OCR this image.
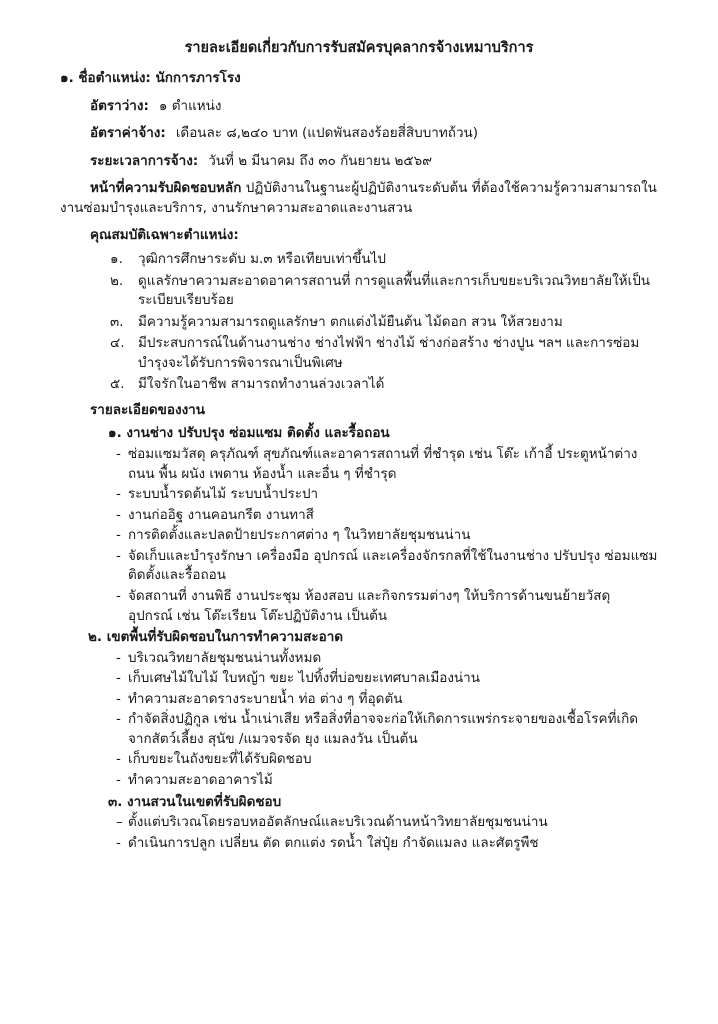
รายละเอียดเกี่ยวกับการรับสมัครบุคลากรจ้างเหมาบริการ
๑. ชื่อตำแหน่ง: นักการภารโรง
อัตราว่าง: ๑ ตำแหน่ง
อัตราค่าจ้าง: เดือนละ ๘,๒๔๐ บาท (แปดพันสองร้อยสี่สิบบาทถ้วน)
ระยะเวลาการจ้าง: วันที่ ๒ มีนาคม ถึง ๓๐ กันยายน ๒๕๖๙
หน้าที่ความรับผิดชอบหลัก ปฏิบัติงานในฐานะผู้ปฏิบัติงานระดับต้น ที่ต้องใช้ความรู้ความสามารถในงานซ่อมบำรุงและบริการ, งานรักษาความสะอาดและงานสวน
คุณสมบัติเฉพาะตำแหน่ง:
๑. วุฒิการศึกษาระดับ ม.๓ หรือเทียบเท่าขึ้นไป
๒. ดูแลรักษาความสะอาดอาคารสถานที่ การดูแลพื้นที่และการเก็บขยะบริเวณวิทยาลัยให้เป็นระเบียบเรียบร้อย
๓. มีความรู้ความสามารถดูแลรักษา ตกแต่งไม้ยืนต้น ไม้ดอก สวน ให้สวยงาม
๔. มีประสบการณ์ในด้านงานช่าง ช่างไฟฟ้า ช่างไม้ ช่างก่อสร้าง ช่างปูน ฯลฯ และการซ่อมบำรุงจะได้รับการพิจารณาเป็นพิเศษ
๕. มีใจรักในอาชีพ สามารถทำงานล่วงเวลาได้
รายละเอียดของงาน
๑. งานช่าง ปรับปรุง ซ่อมแซม ติดตั้ง และรื้อถอน
- ซ่อมแซมวัสดุ ครุภัณฑ์ สุขภัณฑ์และอาคารสถานที่ ที่ชำรุด เช่น โต๊ะ เก้าอี้ ประตูหน้าต่าง ถนน พื้น ผนัง เพดาน ห้องน้ำ และอื่น ๆ ที่ชำรุด
- ระบบน้ำรดต้นไม้ ระบบน้ำประปา
- งานก่ออิฐ งานคอนกรีต งานทาสี
- การติดตั้งและปลดป้ายประกาศต่าง ๆ ในวิทยาลัยชุมชนน่าน
- จัดเก็บและบำรุงรักษา เครื่องมือ อุปกรณ์ และเครื่องจักรกลที่ใช้ในงานช่าง ปรับปรุง ซ่อมแซมติดตั้งและรื้อถอน
- จัดสถานที่ งานพิธี งานประชุม ห้องสอบ และกิจกรรมต่างๆ ให้บริการด้านขนย้ายวัสดุ อุปกรณ์ เช่น โต๊ะเรียน โต๊ะปฏิบัติงาน เป็นต้น
๒. เขตพื้นที่รับผิดชอบในการทำความสะอาด
- บริเวณวิทยาลัยชุมชนน่านทั้งหมด
- เก็บเศษไม้ใบไม้ ใบหญ้า ขยะ ไปทิ้งที่บ่อขยะเทศบาลเมืองน่าน
- ทำความสะอาดรางระบายน้ำ ท่อ ต่าง ๆ ที่อุดตัน
- กำจัดสิ่งปฏิกูล เช่น น้ำเน่าเสีย หรือสิ่งที่อาจจะก่อให้เกิดการแพร่กระจายของเชื้อโรคที่เกิดจากสัตว์เลี้ยง สุนัข /แมวจรจัด ยุง แมลงวัน เป็นต้น
- เก็บขยะในถังขยะที่ได้รับผิดชอบ
- ทำความสะอาดอาคารไม้
๓. งานสวนในเขตที่รับผิดชอบ
– ตั้งแต่บริเวณโดยรอบหออัตลักษณ์และบริเวณด้านหน้าวิทยาลัยชุมชนน่าน
- ดำเนินการปลูก เปลี่ยน ตัด ตกแต่ง รดน้ำ ใส่ปุ๋ย กำจัดแมลง และศัตรูพืช
